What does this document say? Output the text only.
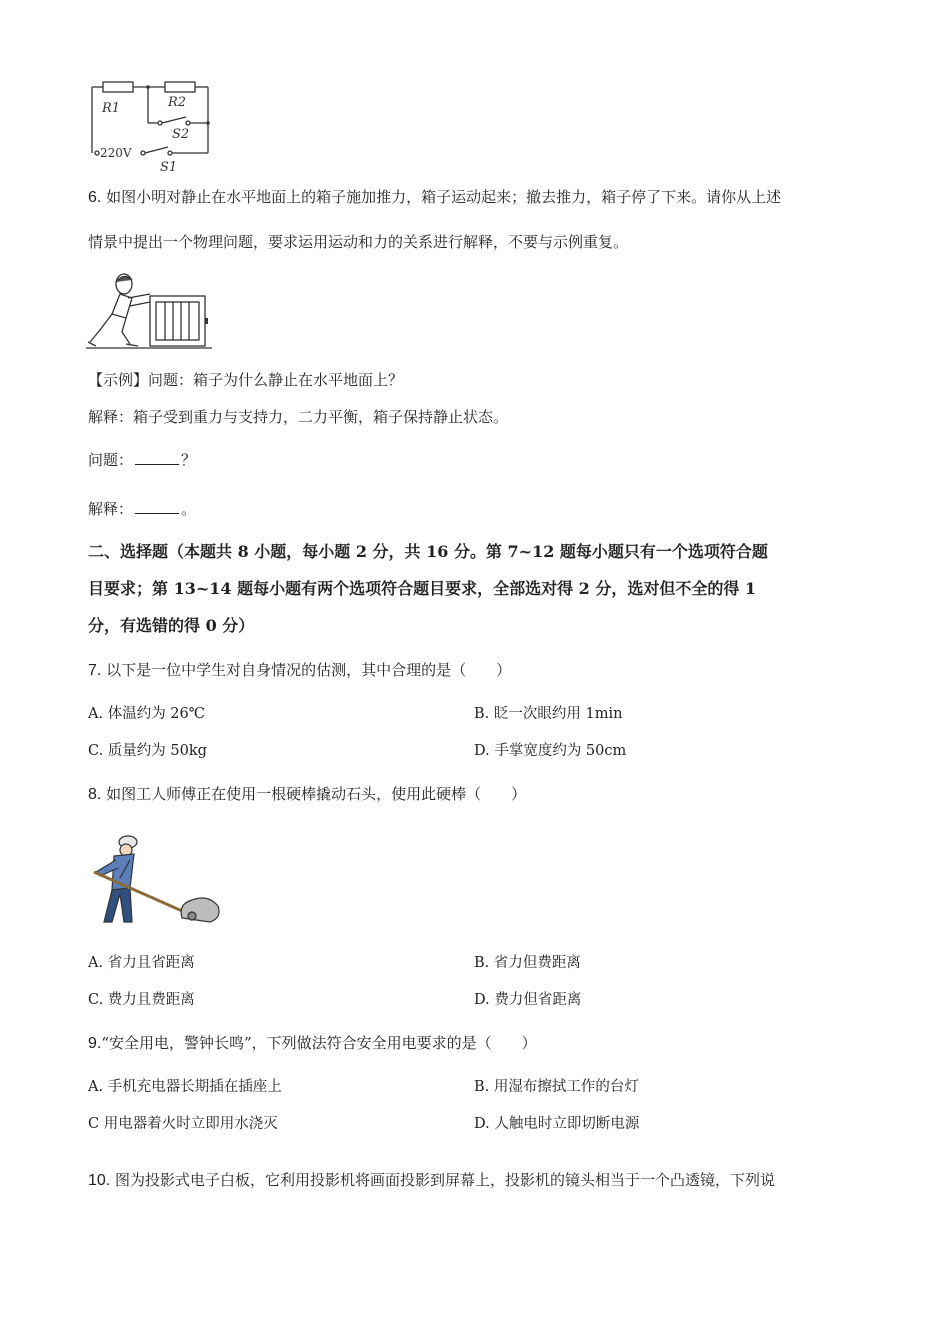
R1	R2
S2
S1
220V
6. 如图小明对静止在水平地面上的箱子施加推力，箱子运动起来；撤去推力，箱子停了下来。请你从上述
情景中提出一个物理问题，要求运用运动和力的关系进行解释，不要与示例重复。
【示例】问题：箱子为什么静止在水平地面上？
解释：箱子受到重力与支持力，二力平衡，箱子保持静止状态。
问题：	？
解释：	。
二、选择题（本题共 8 小题，每小题 2 分，共 16 分。第 7~12 题每小题只有一个选项符合题
目要求；第 13~14 题每小题有两个选项符合题目要求，全部选对得 2 分，选对但不全的得 1
分，有选错的得 0 分）
7. 以下是一位中学生对自身情况的估测，其中合理的是（　　）
A. 体温约为 26℃	B. 眨一次眼约用 1min
C. 质量约为 50kg	D. 手掌宽度约为 50cm
8. 如图工人师傅正在使用一根硬棒撬动石头，使用此硬棒（　　）
A. 省力且省距离	B. 省力但费距离
C. 费力且费距离	D. 费力但省距离
9.“安全用电，警钟长鸣”，下列做法符合安全用电要求的是（　　）
A. 手机充电器长期插在插座上	B. 用湿布擦拭工作的台灯
C 用电器着火时立即用水浇灭	D. 人触电时立即切断电源
10. 图为投影式电子白板，它利用投影机将画面投影到屏幕上，投影机的镜头相当于一个凸透镜，下列说
